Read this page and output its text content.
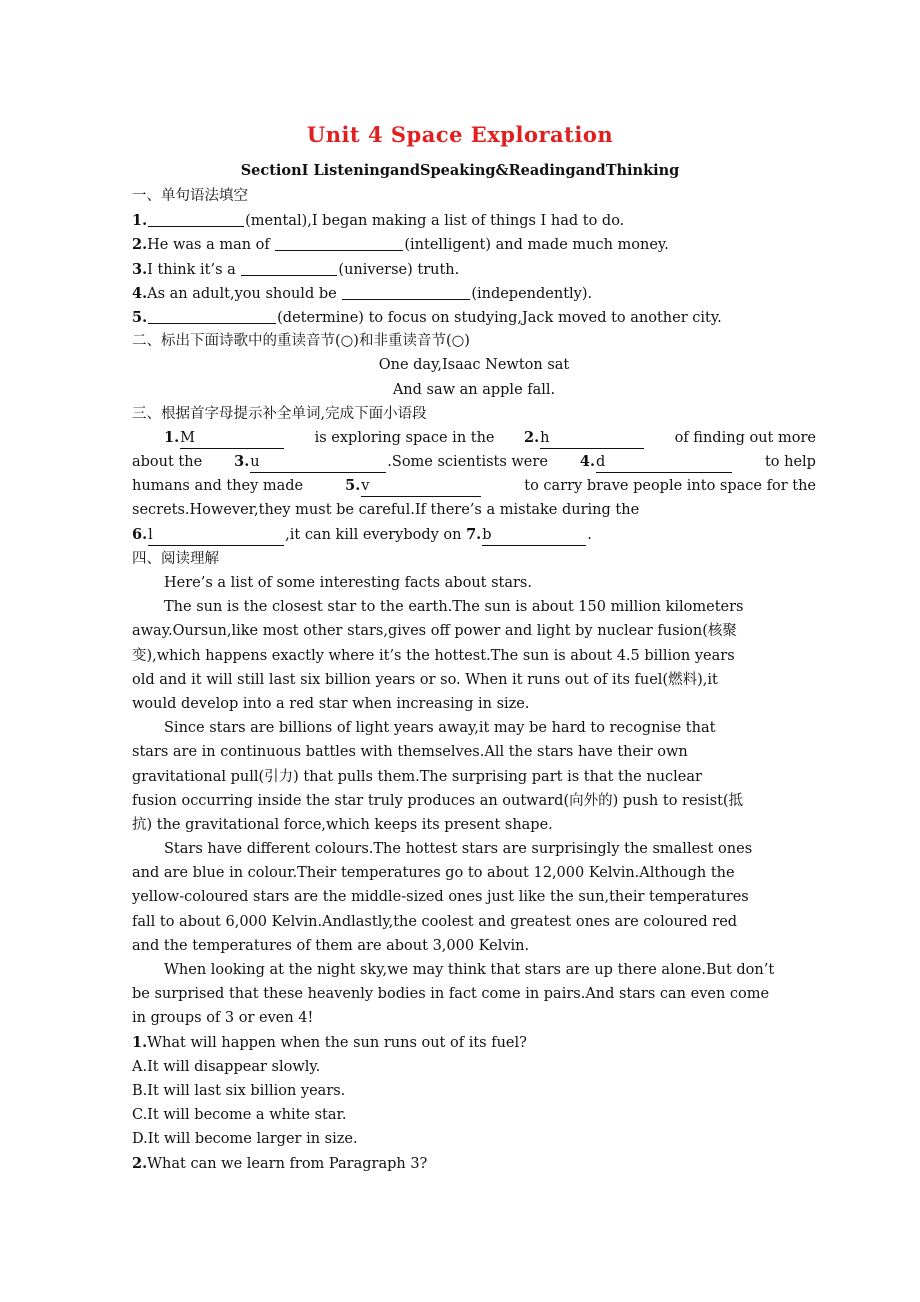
Unit 4 Space Exploration
SectionⅠ ListeningandSpeaking&ReadingandThinking
一、单句语法填空
1.	(mental),I began making a list of things I had to do.
2.He was a man of	(intelligent) and made much money.
3.I think it’s a	(universe) truth.
4.As an adult,you should be	(independently).
5.	(determine) to focus on studying,Jack moved to another city.
二、标出下面诗歌中的重读音节(○)和非重读音节(○)
One day,Isaac Newton sat
And saw an apple fall.
三、根据首字母提示补全单词,完成下面小语段
1.M	is exploring space in the 2.h	of finding out more
about the 3.u	.Some scientists were 4.d	to help
humans and they made	5.v	to carry brave people into space for the
secrets.However,they must be careful.If there’s a mistake during the
6.l	,it can kill everybody on 7.b	.
四、阅读理解
Here’s a list of some interesting facts about stars.
The sun is the closest star to the earth.The sun is about 150 million kilometers
away.Oursun,like most other stars,gives off power and light by nuclear fusion(核聚
变),which happens exactly where it’s the hottest.The sun is about 4.5 billion years
old and it will still last six billion years or so. When it runs out of its fuel(燃料),it
would develop into a red star when increasing in size.
Since stars are billions of light years away,it may be hard to recognise that
stars are in continuous battles with themselves.All the stars have their own
gravitational pull(引力) that pulls them.The surprising part is that the nuclear
fusion occurring inside the star truly produces an outward(向外的) push to resist(抵
抗) the gravitational force,which keeps its present shape.
Stars have different colours.The hottest stars are surprisingly the smallest ones
and are blue in colour.Their temperatures go to about 12,000 Kelvin.Although the
yellow-coloured stars are the middle-sized ones just like the sun,their temperatures
fall to about 6,000 Kelvin.Andlastly,the coolest and greatest ones are coloured red
and the temperatures of them are about 3,000 Kelvin.
When looking at the night sky,we may think that stars are up there alone.But don’t
be surprised that these heavenly bodies in fact come in pairs.And stars can even come
in groups of 3 or even 4!
1.What will happen when the sun runs out of its fuel?
A.It will disappear slowly.
B.It will last six billion years.
C.It will become a white star.
D.It will become larger in size.
2.What can we learn from Paragraph 3?
